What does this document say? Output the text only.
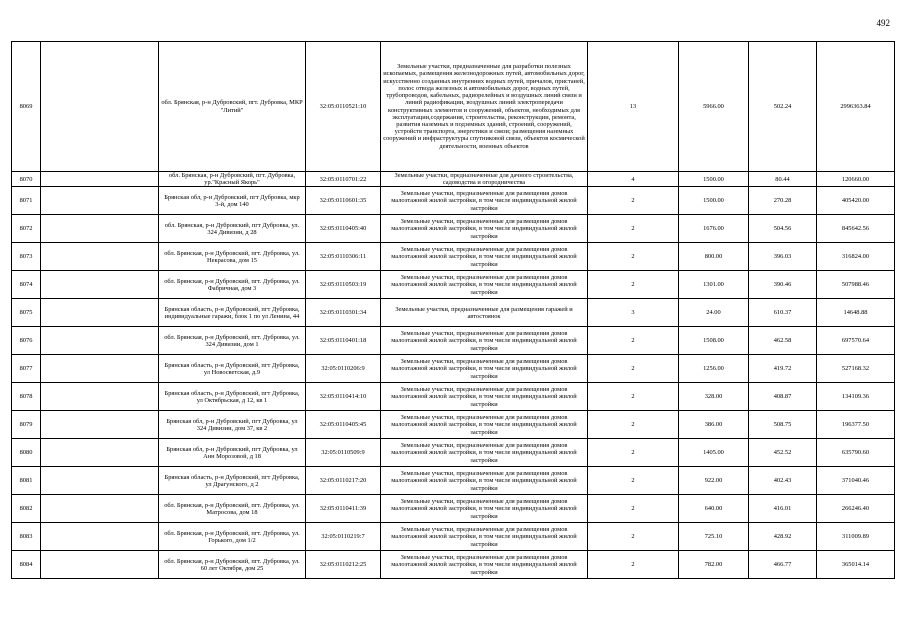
492
8069		обл. Брянская, р-н Дубровский, пгт. Дубровка, МКР "Литий"	32:05:0110521:10	Земельные участки, предназначенные для разработки полезных ископаемых, размещения железнодорожных путей, автомобильных дорог, искусственно созданных внутренних водных путей, причалов, пристаней, полос отвода железных и автомобильных дорог, водных путей, трубопроводов, кабельных, радиорелейных и воздушных линий связи и линий радиофикации, воздушных линий электропередачи конструктивных элементов и сооружений, объектов, необходимых для эксплуатации,содержания, строительства, реконструкции, ремонта, развития наземных и подземных зданий, строений, сооружений, устройств транспорта, энергетики и связи; размещения наземных сооружений и инфраструктуры спутниковой связи, объектов космической деятельности, военных объектов	13	5966.00	502.24	2996363.84
8070		обл. Брянская, р-н Дубровский, пгт. Дубровка, ур."Красный Якорь"	32:05:0110701:22	Земельные участки, предназначенные для дачного строительства, садоводства и огородничества	4	1500.00	80.44	120660.00
8071		Брянская обл, р-н Дубровский, пгт Дубровка, мкр 3-й, дом 140	32:05:0110601:35	Земельные участки, предназначенные для размещения домов малоэтажной жилой застройки, в том числе индивидуальной жилой застройки	2	1500.00	270.28	405420.00
8072		обл. Брянская, р-н Дубровский, пгт Дубровка, ул. 324 Дивизии, д 28	32:05:0110405:40	Земельные участки, предназначенные для размещения домов малоэтажной жилой застройки, в том числе индивидуальной жилой застройки	2	1676.00	504.56	845642.56
8073		обл. Брянская, р-н Дубровский, пгт. Дубровка, ул. Некрасова, дом 15	32:05:0110306:11	Земельные участки, предназначенные для размещения домов малоэтажной жилой застройки, в том числе индивидуальной жилой застройки	2	800.00	396.03	316824.00
8074		обл. Брянская, р-н Дубровский, пгт. Дубровка, ул. Фабричная, дом 3	32:05:0110503:19	Земельные участки, предназначенные для размещения домов малоэтажной жилой застройки, в том числе индивидуальной жилой застройки	2	1301.00	390.46	507988.46
8075		Брянская область, р-н Дубровский, пгт Дубровка, индивидуальные гаражи, блок 1 по ул Ленина, 44	32:05:0110301:34	Земельные участки, предназначенные для размещения гаражей и автостоянок	3	24.00	610.37	14648.88
8076		обл. Брянская, р-н Дубровский, пгт. Дубровка, ул. 324 Дивизии, дом 1	32:05:0110401:18	Земельные участки, предназначенные для размещения домов малоэтажной жилой застройки, в том числе индивидуальной жилой застройки	2	1508.00	462.58	697570.64
8077		Брянская область, р-н Дубровский, пгт Дубровка, ул Новосветская, д.9	32:05:0110206:9	Земельные участки, предназначенные для размещения домов малоэтажной жилой застройки, в том числе индивидуальной жилой застройки	2	1256.00	419.72	527168.32
8078		Брянская область, р-н Дубровский, пгт Дубровка, ул Октябрьская, д 12, кв 1	32:05:0110414:10	Земельные участки, предназначенные для размещения домов малоэтажной жилой застройки, в том числе индивидуальной жилой застройки	2	328.00	408.87	134109.36
8079		Брянская обл, р-н Дубровский, пгт Дубровка, ул 324 Дивизии, дом 37, кв 2	32:05:0110405:45	Земельные участки, предназначенные для размещения домов малоэтажной жилой застройки, в том числе индивидуальной жилой застройки	2	386.00	508.75	196377.50
8080		Брянская обл, р-н Дубровский, пгт Дубровка, ул Анн Морозовой, д 18	32:05:0110509:9	Земельные участки, предназначенные для размещения домов малоэтажной жилой застройки, в том числе индивидуальной жилой застройки	2	1405.00	452.52	635790.60
8081		Брянская область, р-н Дубровский, пгт Дубровка, ул Драгунского, д 2	32:05:0110217:20	Земельные участки, предназначенные для размещения домов малоэтажной жилой застройки, в том числе индивидуальной жилой застройки	2	922.00	402.43	371040.46
8082		обл. Брянская, р-н Дубровский, пгт. Дубровка, ул. Матросова, дом 18	32:05:0110411:39	Земельные участки, предназначенные для размещения домов малоэтажной жилой застройки, в том числе индивидуальной жилой застройки	2	640.00	416.01	266246.40
8083		обл. Брянская, р-н Дубровский, пгт. Дубровка, ул. Горького, дом 1/2	32:05:0110219:7	Земельные участки, предназначенные для размещения домов малоэтажной жилой застройки, в том числе индивидуальной жилой застройки	2	725.10	428.92	311009.89
8084		обл. Брянская, р-н Дубровский, пгт. Дубровка, ул. 60 лет Октября, дом 25	32:05:0110212:25	Земельные участки, предназначенные для размещения домов малоэтажной жилой застройки, в том числе индивидуальной жилой застройки	2	782.00	466.77	365014.14
